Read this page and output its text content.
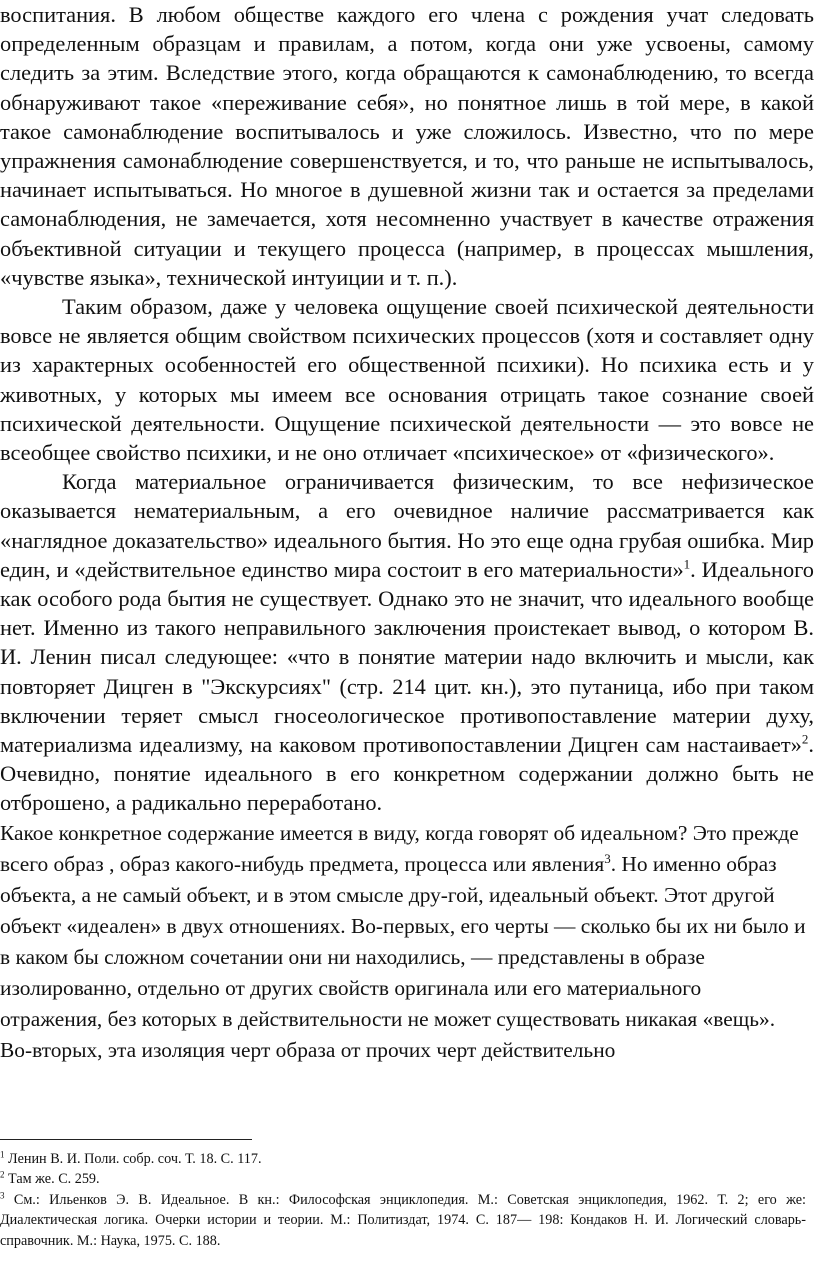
воспитания. В любом обществе каждого его члена с рождения учат следовать определенным образцам и правилам, а потом, когда они уже усвоены, самому следить за этим. Вследствие этого, когда обращаются к самонаблюдению, то всегда обнаруживают такое «переживание себя», но понятное лишь в той мере, в какой такое самонаблюдение воспитывалось и уже сложилось. Известно, что по мере упражнения самонаблюдение совершенствуется, и то, что раньше не испытывалось, начинает испытываться. Но многое в душевной жизни так и остается за пределами самонаблюдения, не замечается, хотя несомненно участвует в качестве отражения объективной ситуации и текущего процесса (например, в процессах мышления, «чувстве языка», технической интуиции и т. п.).

Таким образом, даже у человека ощущение своей психической деятельности вовсе не является общим свойством психических процессов (хотя и составляет одну из характерных особенностей его общественной психики). Но психика есть и у животных, у которых мы имеем все основания отрицать такое сознание своей психической деятельности. Ощущение психической деятельности — это вовсе не всеобщее свойство психики, и не оно отличает «психическое» от «физического».

Когда материальное ограничивается физическим, то все нефизическое оказывается нематериальным, а его очевидное наличие рассматривается как «наглядное доказательство» идеального бытия. Но это еще одна грубая ошибка. Мир един, и «действительное единство мира состоит в его материальности»$^1$. Идеального как особого рода бытия не существует. Однако это не значит, что идеального вообще нет. Именно из такого неправильного заключения проистекает вывод, о котором В. И. Ленин писал следующее: «что в понятие материи надо включить и мысли, как повторяет Дицген в "Экскурсиях" (стр. 214 цит. кн.), это путаница, ибо при таком включении теряет смысл гносеологическое противопоставление материи духу, материализма идеализму, на каковом противопоставлении Дицген сам настаивает»$^2$. Очевидно, понятие идеального в его конкретном содержании должно быть не отброшено, а радикально переработано.

Какое конкретное содержание имеется в виду, когда говорят об идеальном? Это прежде всего образ , образ какого-нибудь предмета, процесса или явления$^3$. Но именно образ объекта, а не самый объект, и в этом смысле дру-гой, идеальный объект. Этот другой объект «идеален» в двух отношениях. Во-первых, его черты — сколько бы их ни было и в каком бы сложном сочетании они ни находились, — представлены в образе изолированно, отдельно от других свойств оригинала или его материального отражения, без которых в действительности не может существовать никакая «вещь». Во-вторых, эта изоляция черт образа от прочих черт действительно

$^1$ Ленин В. И. Поли. собр. соч. Т. 18. С. 117.

$^2$ Там же. С. 259.

$^3$ См.: Ильенков Э. В. Идеальное. В кн.: Философская энциклопедия. М.: Советская энциклопедия, 1962. Т. 2; его же: Диалектическая логика. Очерки истории и теории. М.: Политиздат, 1974. С. 187— 198: Кондаков Н. И. Логический словарь-справочник. М.: Наука, 1975. С. 188.
